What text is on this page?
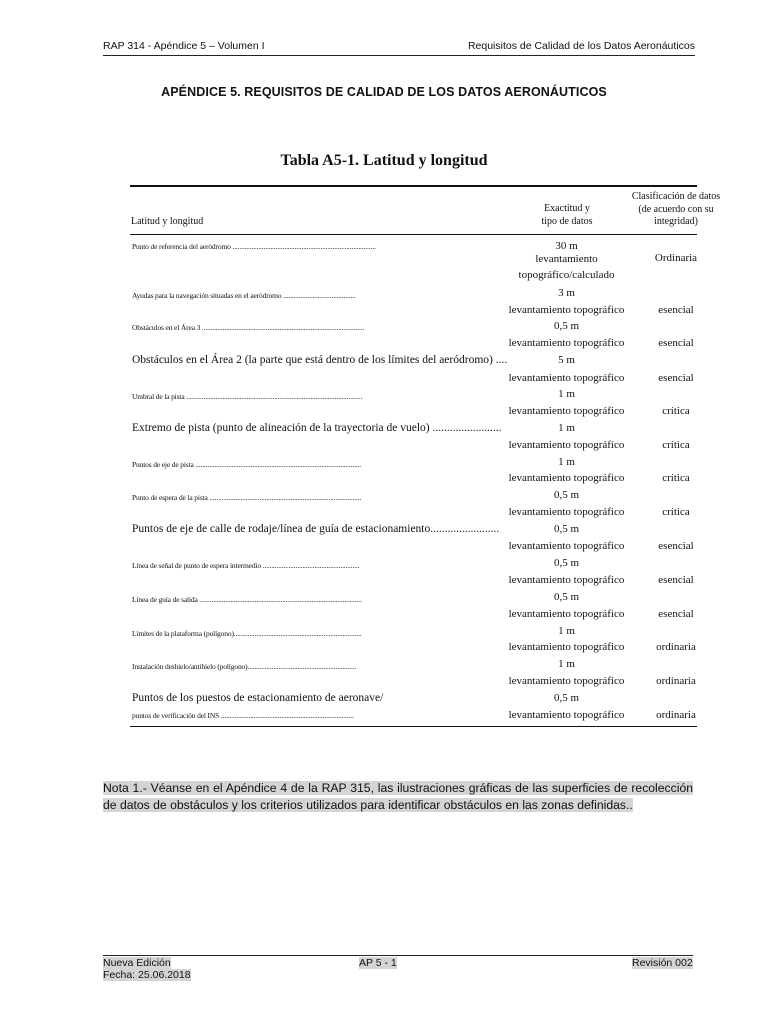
RAP 314 - Apéndice 5 – Volumen I	Requisitos de Calidad de los Datos Aeronáuticos
APÉNDICE 5. REQUISITOS DE CALIDAD DE LOS DATOS AERONÁUTICOS
Tabla A5-1. Latitud y longitud
Latitud y longitud
Exactitud y
tipo de datos
Clasificación de datos
(de acuerdo con su
integridad)
Punto de referencia del aeródromo ...................................................................................	30 m
levantamiento
topográfico/calculado
Ordinaria
Ayudas para la navegación situadas en el aeródromo ..........................................	3 m
levantamiento topográfico	esencial
Obstáculos en el Área 3 ..............................................................................................	0,5 m
levantamiento topográfico	esencial
Obstáculos en el Área 2 (la parte que está dentro de los límites del aeródromo) ....	5 m
levantamiento topográfico	esencial
Umbral de la pista ......................................................................................................	1 m
levantamiento topográfico	crítica
Extremo de pista (punto de alineación de la trayectoria de vuelo) ........................	1 m
levantamiento topográfico	crítica
Puntos de eje de pista ................................................................................................	1 m
levantamiento topográfico	crítica
Punto de espera de la pista ........................................................................................	0,5 m
levantamiento topográfico	crítica
Puntos de eje de calle de rodaje/línea de guía de estacionamiento........................	0,5 m
levantamiento topográfico	esencial
Línea de señal de punto de espera intermedio ........................................................	0,5 m
levantamiento topográfico	esencial
Línea de guía de salida ..............................................................................................	0,5 m
levantamiento topográfico	esencial
Límites de la plataforma (polígono)..........................................................................	1 m
levantamiento topográfico	ordinaria
Instalación deshielo/antihielo (polígono)...............................................................	1 m
levantamiento topográfico	ordinaria
Puntos de los puestos de estacionamiento de aeronave/
puntos de verificación del INS .............................................................................
0,5 m
levantamiento topográfico	ordinaria
Nota 1.- Véanse en el Apéndice 4 de la RAP 315, las ilustraciones gráficas de las superficies de recolección de datos de obstáculos y los criterios utilizados para identificar obstáculos en las zonas definidas..
Nueva Edición
Fecha: 25.06.2018
AP 5 - 1	Revisión 002
